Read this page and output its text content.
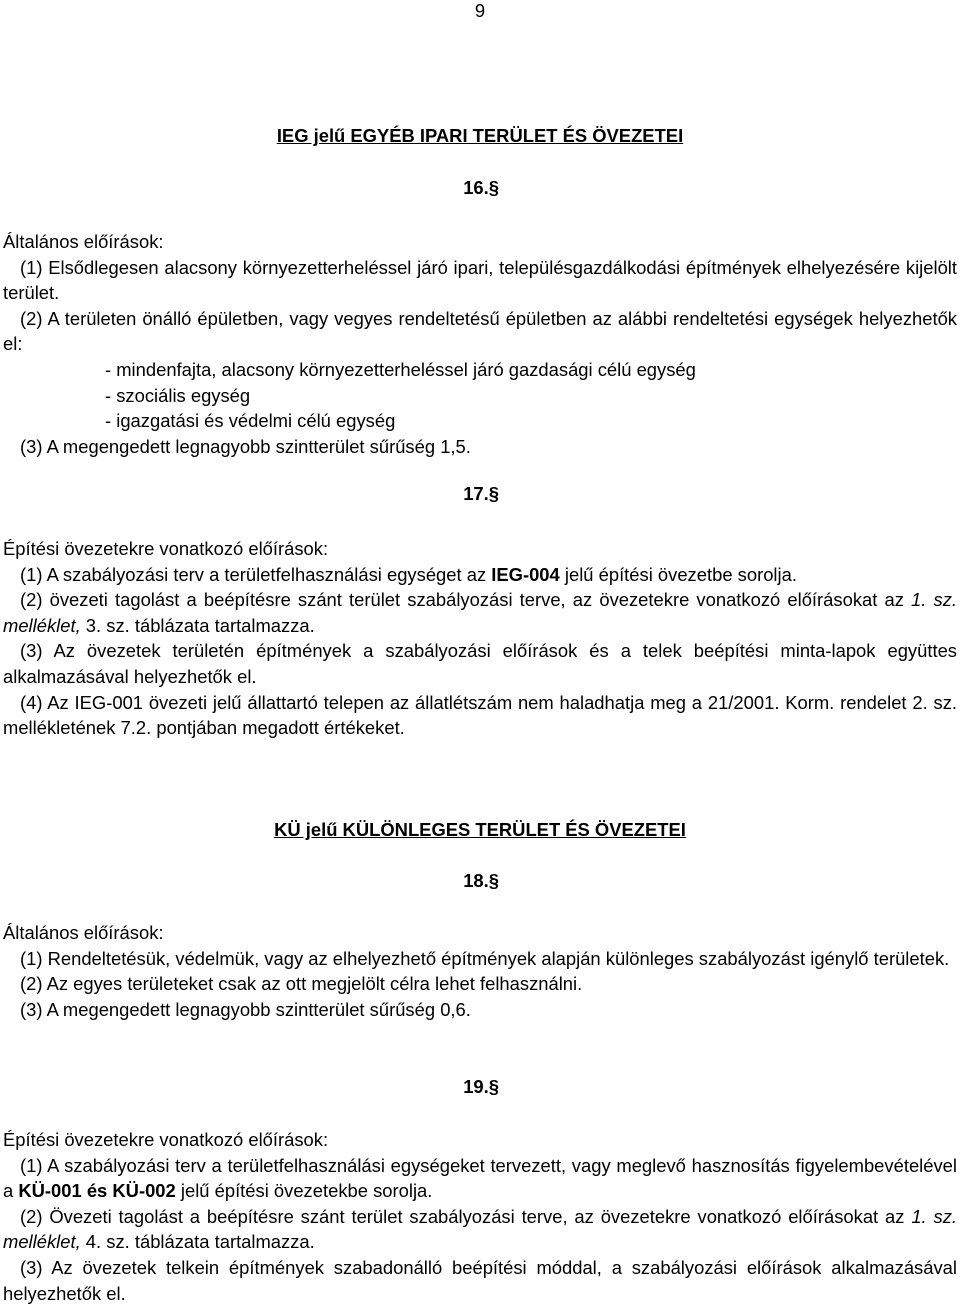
9
IEG jelű EGYÉB IPARI TERÜLET ÉS ÖVEZETEI
16.§

Általános előírások:

(1) Elsődlegesen alacsony környezetterheléssel járó ipari, településgazdálkodási építmények elhelyezésére kijelölt terület.

(2) A területen önálló épületben, vagy vegyes rendeltetésű épületben az alábbi rendeltetési egységek helyezhetők el:

- mindenfajta, alacsony környezetterheléssel járó gazdasági célú egység

- szociális egység

- igazgatási és védelmi célú egység

(3) A megengedett legnagyobb szintterület sűrűség 1,5.

17.§

Építési övezetekre vonatkozó előírások:

(1) A szabályozási terv a területfelhasználási egységet az IEG-004 jelű építési övezetbe sorolja.

(2) övezeti tagolást a beépítésre szánt terület szabályozási terve, az övezetekre vonatkozó előírásokat az 1. sz. melléklet, 3. sz. táblázata tartalmazza.

(3) Az övezetek területén építmények a szabályozási előírások és a telek beépítési minta-lapok együttes alkalmazásával helyezhetők el.

(4) Az IEG-001 övezeti jelű állattartó telepen az állatlétszám nem haladhatja meg a 21/2001. Korm. rendelet 2. sz. mellékletének 7.2. pontjában megadott értékeket.

KÜ jelű KÜLÖNLEGES TERÜLET ÉS ÖVEZETEI
18.§

Általános előírások:

(1) Rendeltetésük, védelmük, vagy az elhelyezhető építmények alapján különleges szabályozást igénylő területek.

(2) Az egyes területeket csak az ott megjelölt célra lehet felhasználni.

(3) A megengedett legnagyobb szintterület sűrűség 0,6.

19.§

Építési övezetekre vonatkozó előírások:

(1) A szabályozási terv a területfelhasználási egységeket tervezett, vagy meglevő hasznosítás figyelembevételével a KÜ-001 és KÜ-002 jelű építési övezetekbe sorolja.

(2) Övezeti tagolást a beépítésre szánt terület szabályozási terve, az övezetekre vonatkozó előírásokat az 1. sz. melléklet, 4. sz. táblázata tartalmazza.

(3) Az övezetek telkein építmények szabadonálló beépítési móddal, a szabályozási előírások alkalmazásával helyezhetők el.
